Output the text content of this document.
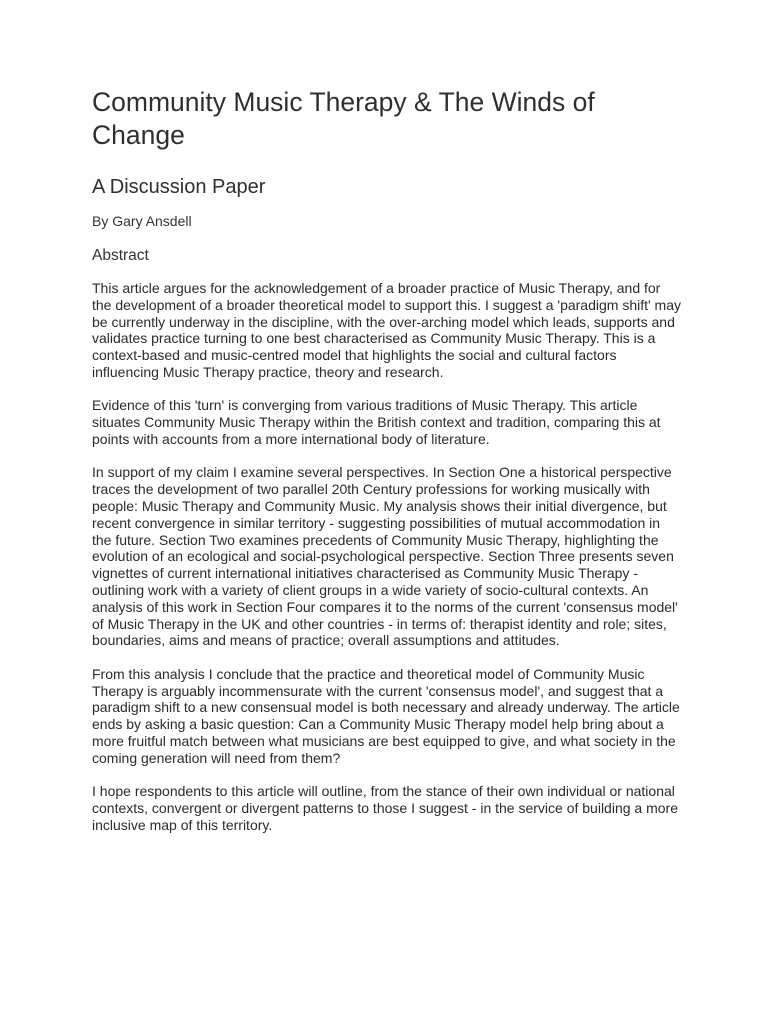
Community Music Therapy & The Winds of Change
A Discussion Paper

By Gary Ansdell

Abstract

This article argues for the acknowledgement of a broader practice of Music Therapy, and for the development of a broader theoretical model to support this. I suggest a 'paradigm shift' may be currently underway in the discipline, with the over-arching model which leads, supports and validates practice turning to one best characterised as Community Music Therapy. This is a context-based and music-centred model that highlights the social and cultural factors influencing Music Therapy practice, theory and research.

Evidence of this 'turn' is converging from various traditions of Music Therapy. This article situates Community Music Therapy within the British context and tradition, comparing this at points with accounts from a more international body of literature.

In support of my claim I examine several perspectives. In Section One a historical perspective traces the development of two parallel 20th Century professions for working musically with people: Music Therapy and Community Music. My analysis shows their initial divergence, but recent convergence in similar territory - suggesting possibilities of mutual accommodation in the future. Section Two examines precedents of Community Music Therapy, highlighting the evolution of an ecological and social-psychological perspective. Section Three presents seven vignettes of current international initiatives characterised as Community Music Therapy - outlining work with a variety of client groups in a wide variety of socio-cultural contexts. An analysis of this work in Section Four compares it to the norms of the current 'consensus model' of Music Therapy in the UK and other countries - in terms of: therapist identity and role; sites, boundaries, aims and means of practice; overall assumptions and attitudes.

From this analysis I conclude that the practice and theoretical model of Community Music Therapy is arguably incommensurate with the current 'consensus model', and suggest that a paradigm shift to a new consensual model is both necessary and already underway. The article ends by asking a basic question: Can a Community Music Therapy model help bring about a more fruitful match between what musicians are best equipped to give, and what society in the coming generation will need from them?

I hope respondents to this article will outline, from the stance of their own individual or national contexts, convergent or divergent patterns to those I suggest - in the service of building a more inclusive map of this territory.
